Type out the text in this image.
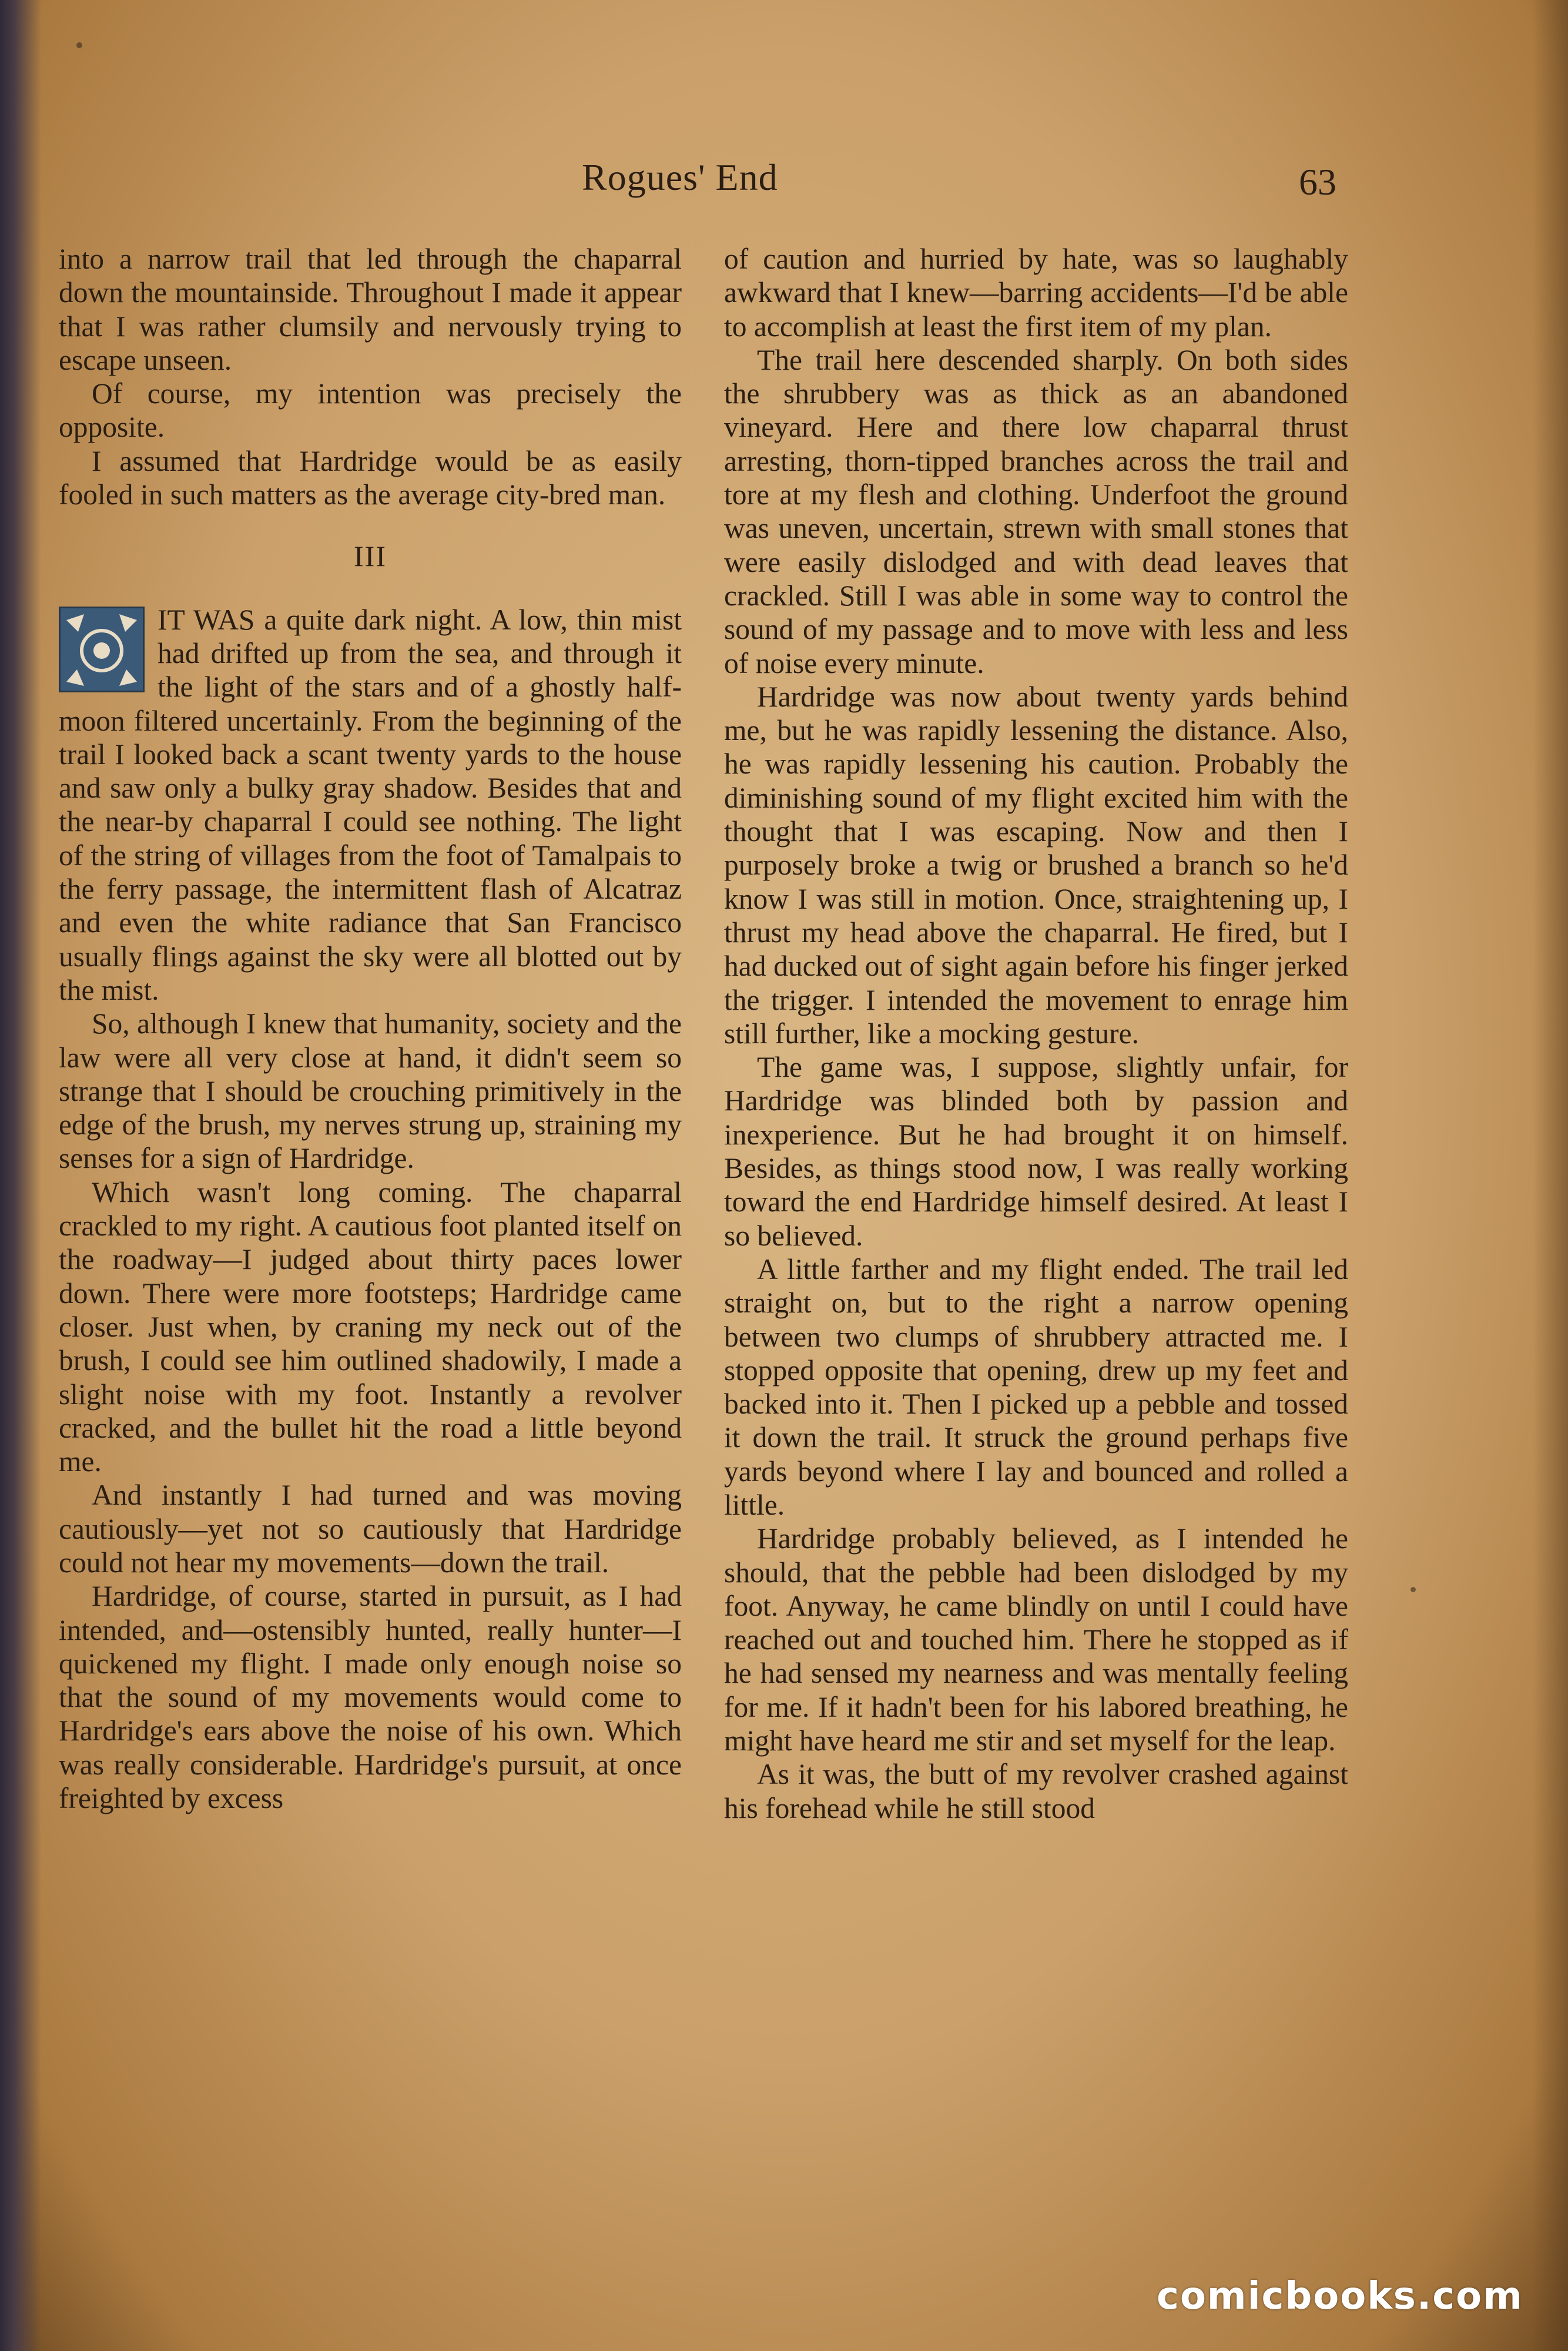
Rogues' End	63

into a narrow trail that led through the chaparral down the mountainside. Throughout I made it appear that I was rather clumsily and nervously trying to escape unseen.

Of course, my intention was precisely the opposite.

I assumed that Hardridge would be as easily fooled in such matters as the average city-bred man.

III

IT WAS a quite dark night. A low, thin mist had drifted up from the sea, and through it the light of the stars and of a ghostly half-moon filtered uncertainly. From the beginning of the trail I looked back a scant twenty yards to the house and saw only a bulky gray shadow. Besides that and the near-by chaparral I could see nothing. The light of the string of villages from the foot of Tamalpais to the ferry passage, the intermittent flash of Alcatraz and even the white radiance that San Francisco usually flings against the sky were all blotted out by the mist.

So, although I knew that humanity, society and the law were all very close at hand, it didn't seem so strange that I should be crouching primitively in the edge of the brush, my nerves strung up, straining my senses for a sign of Hardridge.

Which wasn't long coming. The chaparral crackled to my right. A cautious foot planted itself on the roadway—I judged about thirty paces lower down. There were more footsteps; Hardridge came closer. Just when, by craning my neck out of the brush, I could see him outlined shadowily, I made a slight noise with my foot. Instantly a revolver cracked, and the bullet hit the road a little beyond me.

And instantly I had turned and was moving cautiously—yet not so cautiously that Hardridge could not hear my movements—down the trail.

Hardridge, of course, started in pursuit, as I had intended, and—ostensibly hunted, really hunter—I quickened my flight. I made only enough noise so that the sound of my movements would come to Hardridge's ears above the noise of his own. Which was really considerable. Hardridge's pursuit, at once freighted by excess

of caution and hurried by hate, was so laughably awkward that I knew—barring accidents—I'd be able to accomplish at least the first item of my plan.

The trail here descended sharply. On both sides the shrubbery was as thick as an abandoned vineyard. Here and there low chaparral thrust arresting, thorn-tipped branches across the trail and tore at my flesh and clothing. Underfoot the ground was uneven, uncertain, strewn with small stones that were easily dislodged and with dead leaves that crackled. Still I was able in some way to control the sound of my passage and to move with less and less of noise every minute.

Hardridge was now about twenty yards behind me, but he was rapidly lessening the distance. Also, he was rapidly lessening his caution. Probably the diminishing sound of my flight excited him with the thought that I was escaping. Now and then I purposely broke a twig or brushed a branch so he'd know I was still in motion. Once, straightening up, I thrust my head above the chaparral. He fired, but I had ducked out of sight again before his finger jerked the trigger. I intended the movement to enrage him still further, like a mocking gesture.

The game was, I suppose, slightly unfair, for Hardridge was blinded both by passion and inexperience. But he had brought it on himself. Besides, as things stood now, I was really working toward the end Hardridge himself desired. At least I so believed.

A little farther and my flight ended. The trail led straight on, but to the right a narrow opening between two clumps of shrubbery attracted me. I stopped opposite that opening, drew up my feet and backed into it. Then I picked up a pebble and tossed it down the trail. It struck the ground perhaps five yards beyond where I lay and bounced and rolled a little.

Hardridge probably believed, as I intended he should, that the pebble had been dislodged by my foot. Anyway, he came blindly on until I could have reached out and touched him. There he stopped as if he had sensed my nearness and was mentally feeling for me. If it hadn't been for his labored breathing, he might have heard me stir and set myself for the leap.

As it was, the butt of my revolver crashed against his forehead while he still stood

comicbooks.com
